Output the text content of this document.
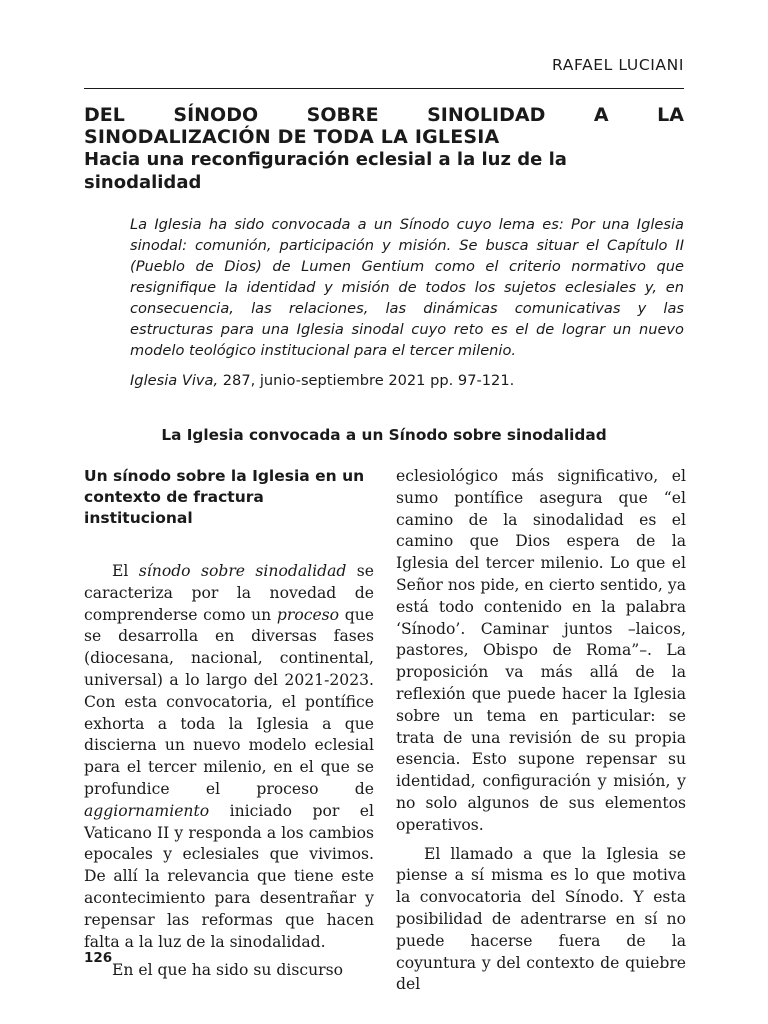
RAFAEL LUCIANI
DEL	SÍNODO	SOBRE	SINOLIDAD	A	LA
SINODALIZACIÓN DE TODA LA IGLESIA
Hacia una reconfiguración eclesial a la luz de la
sinodalidad
La Iglesia ha sido convocada a un Sínodo cuyo lema es: Por una Iglesia sinodal: comunión, participación y misión. Se busca situar el Capítulo II (Pueblo de Dios) de Lumen Gentium como el criterio normativo que resignifique la identidad y misión de todos los sujetos eclesiales y, en consecuencia, las relaciones, las dinámicas comunicativas y las estructuras para una Iglesia sinodal cuyo reto es el de lograr un nuevo modelo teológico institucional para el tercer milenio.
Iglesia Viva, 287, junio-septiembre 2021 pp. 97-121.
La Iglesia convocada a un Sínodo sobre sinodalidad
Un sínodo sobre la Iglesia en un contexto de fractura institucional

El sínodo sobre sinodalidad se caracteriza por la novedad de comprenderse como un proceso que se desarrolla en diversas fases (diocesana, nacional, continental, universal) a lo largo del 2021-2023. Con esta convocatoria, el pontífice exhorta a toda la Iglesia a que discierna un nuevo modelo eclesial para el tercer milenio, en el que se profundice el proceso de aggiornamiento iniciado por el Vaticano II y responda a los cambios epocales y eclesiales que vivimos. De allí la relevancia que tiene este acontecimiento para desentrañar y repensar las reformas que hacen falta a la luz de la sinodalidad.

En el que ha sido su discurso

eclesiológico más significativo, el sumo pontífice asegura que “el camino de la sinodalidad es el camino que Dios espera de la Iglesia del tercer milenio. Lo que el Señor nos pide, en cierto sentido, ya está todo contenido en la palabra ‘Sínodo’. Caminar juntos –laicos, pastores, Obispo de Roma”–. La proposición va más allá de la reflexión que puede hacer la Iglesia sobre un tema en particular: se trata de una revisión de su propia esencia. Esto supone repensar su identidad, configuración y misión, y no solo algunos de sus elementos operativos.

El llamado a que la Iglesia se piense a sí misma es lo que motiva la convocatoria del Sínodo. Y esta posibilidad de adentrarse en sí no puede hacerse fuera de la coyuntura y del contexto de quiebre del

126
